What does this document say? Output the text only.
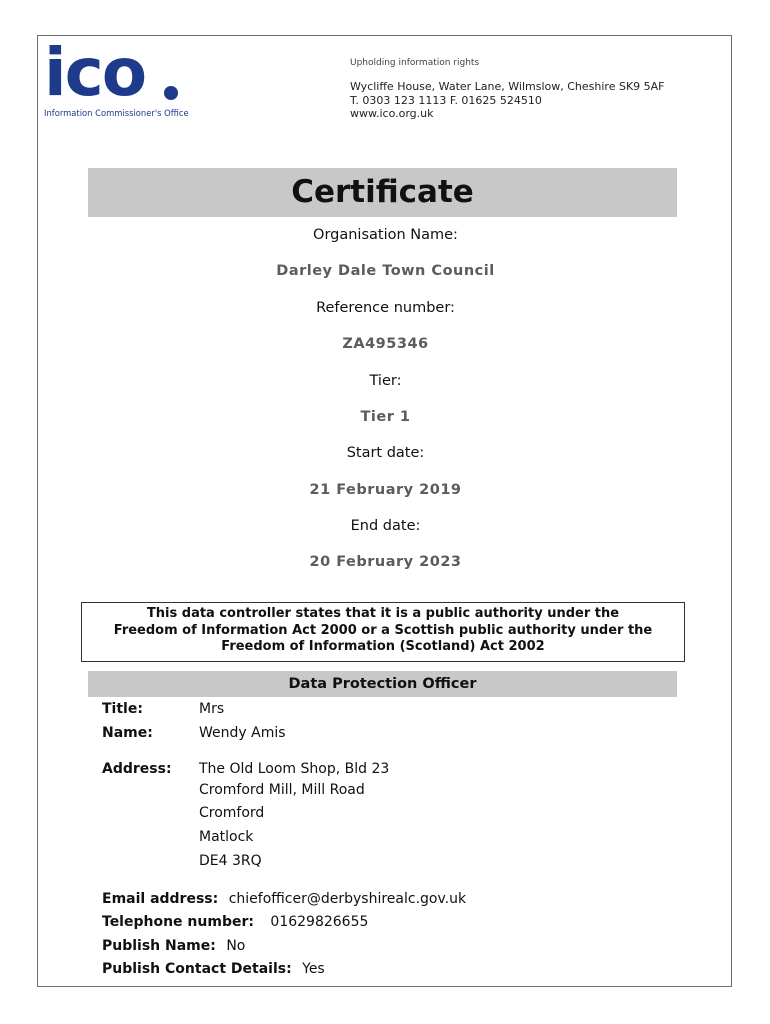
ico
Information Commissioner's Office
Upholding information rights
Wycliffe House, Water Lane, Wilmslow, Cheshire SK9 5AF
T. 0303 123 1113 F. 01625 524510
www.ico.org.uk
Certificate
Organisation Name:
Darley Dale Town Council
Reference number:
ZA495346
Tier:
Tier 1
Start date:
21 February 2019
End date:
20 February 2023
This data controller states that it is a public authority under the
Freedom of Information Act 2000 or a Scottish public authority under the
Freedom of Information (Scotland) Act 2002
Data Protection Officer
Title:	Mrs
Name:	Wendy Amis
Address: The Old Loom Shop, Bld 23
Cromford Mill, Mill Road
Cromford
Matlock
DE4 3RQ
Email address: chiefofficer@derbyshirealc.gov.uk
Telephone number: 01629826655
Publish Name: No
Publish Contact Details: Yes
